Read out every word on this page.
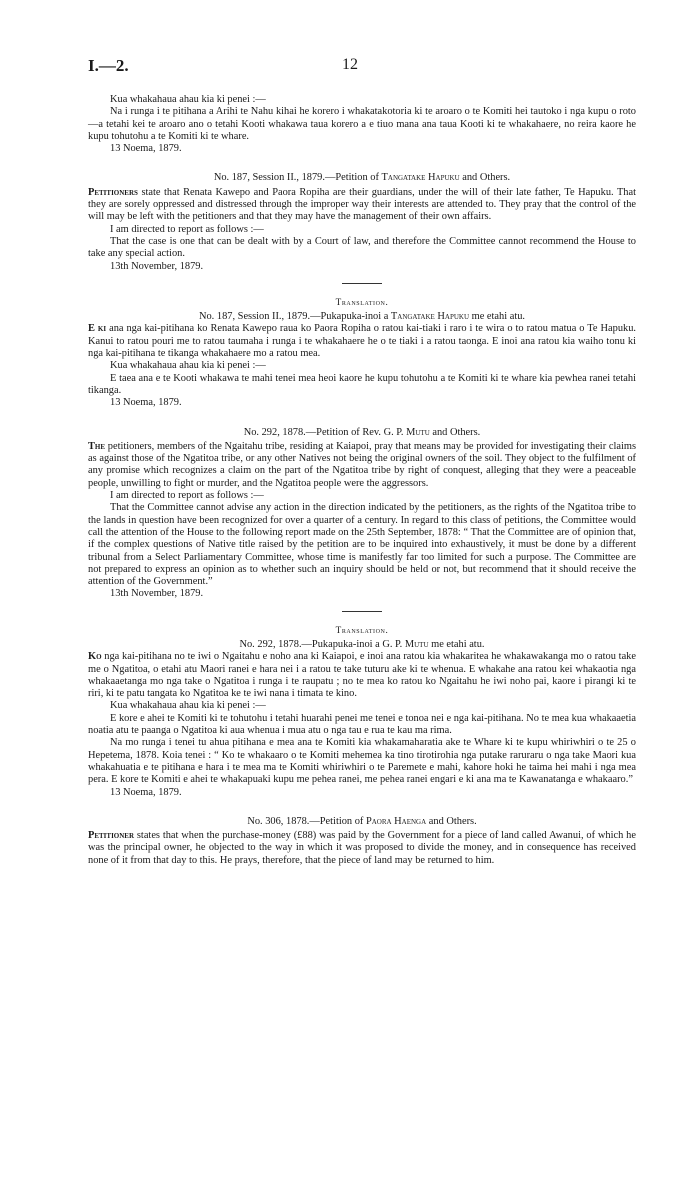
I.—2.	12

Kua whakahaua ahau kia ki penei :—

Na i runga i te pitihana a Arihi te Nahu kihai he korero i whakatakotoria ki te aroaro o te Komiti hei tautoko i nga kupu o roto—a tetahi kei te aroaro ano o tetahi Kooti whakawa taua korero a e tiuo mana ana taua Kooti ki te whakahaere, no reira kaore he kupu tohutohu a te Komiti ki te whare.

13 Noema, 1879.

No. 187, Session II., 1879.—Petition of Tangatake Hapuku and Others.

Petitioners state that Renata Kawepo and Paora Ropiha are their guardians, under the will of their late father, Te Hapuku. That they are sorely oppressed and distressed through the improper way their interests are attended to. They pray that the control of the will may be left with the petitioners and that they may have the management of their own affairs.

I am directed to report as follows :—

That the case is one that can be dealt with by a Court of law, and therefore the Committee cannot recommend the House to take any special action.

13th November, 1879.

Translation.

No. 187, Session II., 1879.—Pukapuka-inoi a Tangatake Hapuku me etahi atu.

E ki ana nga kai-pitihana ko Renata Kawepo raua ko Paora Ropiha o ratou kai-tiaki i raro i te wira o to ratou matua o Te Hapuku. Kanui to ratou pouri me to ratou taumaha i runga i te whakahaere he o te tiaki i a ratou taonga. E inoi ana ratou kia waiho tonu ki nga kai-pitihana te tikanga whakahaere mo a ratou mea.

Kua whakahaua ahau kia ki penei :—

E taea ana e te Kooti whakawa te mahi tenei mea heoi kaore he kupu tohutohu a te Komiti ki te whare kia pewhea ranei tetahi tikanga.

13 Noema, 1879.

No. 292, 1878.—Petition of Rev. G. P. Mutu and Others.

The petitioners, members of the Ngaitahu tribe, residing at Kaiapoi, pray that means may be provided for investigating their claims as against those of the Ngatitoa tribe, or any other Natives not being the original owners of the soil. They object to the fulfilment of any promise which recognizes a claim on the part of the Ngatitoa tribe by right of conquest, alleging that they were a peaceable people, unwilling to fight or murder, and the Ngatitoa people were the aggressors.

I am directed to report as follows :—

That the Committee cannot advise any action in the direction indicated by the petitioners, as the rights of the Ngatitoa tribe to the lands in question have been recognized for over a quarter of a century. In regard to this class of petitions, the Committee would call the attention of the House to the following report made on the 25th September, 1878: “ That the Committee are of opinion that, if the complex questions of Native title raised by the petition are to be inquired into exhaustively, it must be done by a different tribunal from a Select Parliamentary Committee, whose time is manifestly far too limited for such a purpose. The Committee are not prepared to express an opinion as to whether such an inquiry should be held or not, but recommend that it should receive the attention of the Government.”

13th November, 1879.

Translation.

No. 292, 1878.—Pukapuka-inoi a G. P. Mutu me etahi atu.

Ko nga kai-pitihana no te iwi o Ngaitahu e noho ana ki Kaiapoi, e inoi ana ratou kia whakaritea he whakawakanga mo o ratou take me o Ngatitoa, o etahi atu Maori ranei e hara nei i a ratou te take tuturu ake ki te whenua. E whakahe ana ratou kei whakaotia nga whakaaetanga mo nga take o Ngatitoa i runga i te raupatu ; no te mea ko ratou ko Ngaitahu he iwi noho pai, kaore i pirangi ki te riri, ki te patu tangata ko Ngatitoa ke te iwi nana i timata te kino.

Kua whakahaua ahau kia ki penei :—

E kore e ahei te Komiti ki te tohutohu i tetahi huarahi penei me tenei e tonoa nei e nga kai-pitihana. No te mea kua whakaaetia noatia atu te paanga o Ngatitoa ki aua whenua i mua atu o nga tau e rua te kau ma rima.

Na mo runga i tenei tu ahua pitihana e mea ana te Komiti kia whakamaharatia ake te Whare ki te kupu whiriwhiri o te 25 o Hepetema, 1878. Koia tenei : “ Ko te whakaaro o te Komiti mehemea ka tino tirotirohia nga putake raruraru o nga take Maori kua whakahuatia e te pitihana e hara i te mea ma te Komiti whiriwhiri o te Paremete e mahi, kahore hoki he taima hei mahi i nga mea pera. E kore te Komiti e ahei te whakapuaki kupu me pehea ranei, me pehea ranei engari e ki ana ma te Kawanatanga e whakaaro.”

13 Noema, 1879.

No. 306, 1878.—Petition of Paora Haenga and Others.

Petitioner states that when the purchase-money (£88) was paid by the Government for a piece of land called Awanui, of which he was the principal owner, he objected to the way in which it was proposed to divide the money, and in consequence has received none of it from that day to this. He prays, therefore, that the piece of land may be returned to him.
